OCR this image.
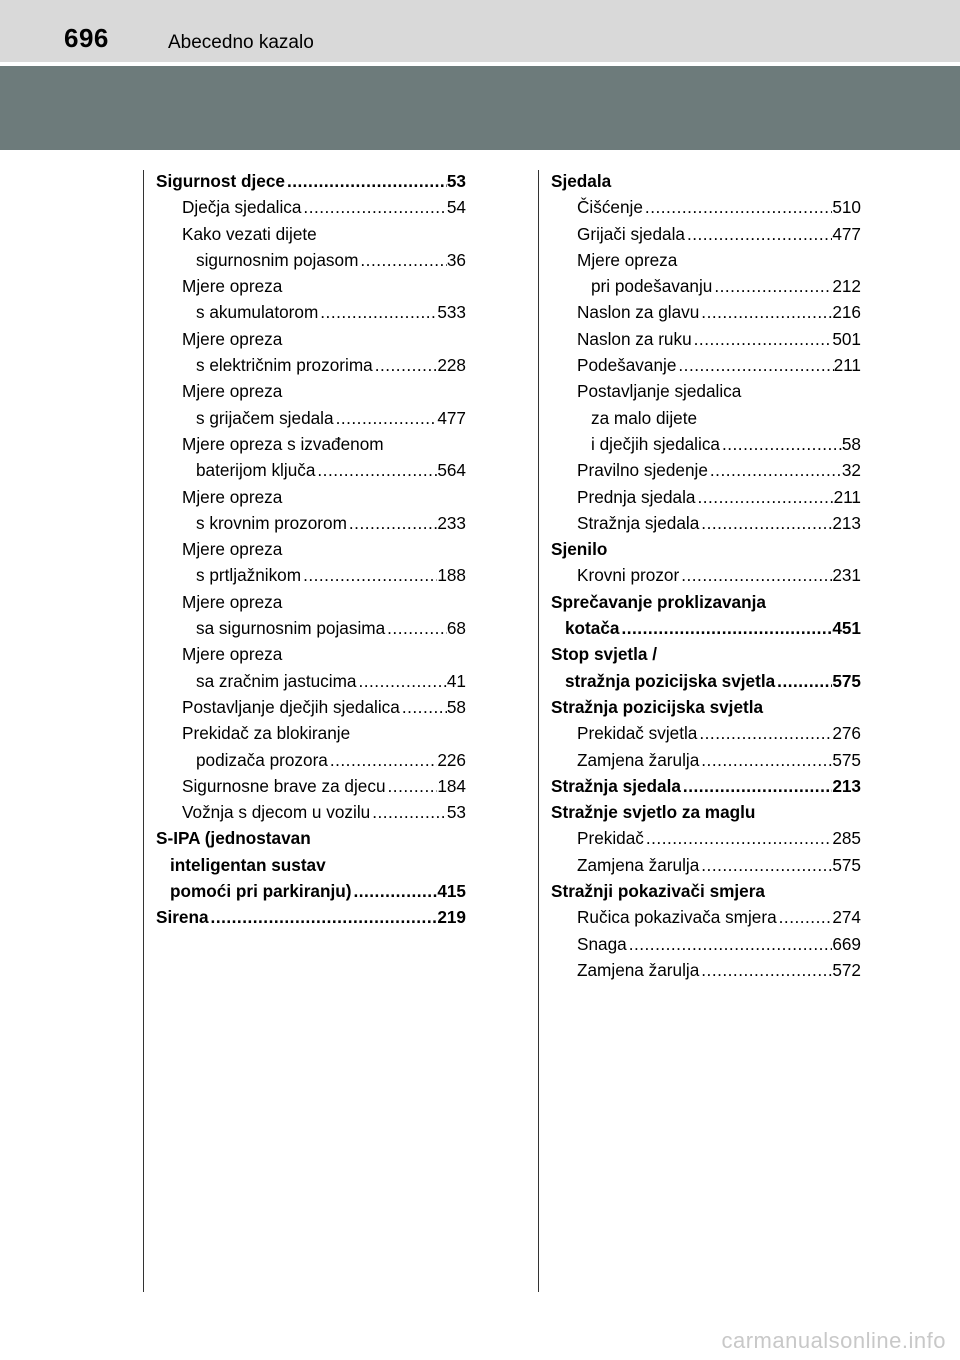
696	Abecedno kazalo
Sigurnost djece .....	53
Dječja sjedalica .....	54
Kako vezati dijete
sigurnosnim pojasom .....	36
Mjere opreza
s akumulatorom .....	533
Mjere opreza
s električnim prozorima .....	228
Mjere opreza
s grijačem sjedala .....	477
Mjere opreza s izvađenom
baterijom ključa .....	564
Mjere opreza
s krovnim prozorom .....	233
Mjere opreza
s prtljažnikom .....	188
Mjere opreza
sa sigurnosnim pojasima .....	68
Mjere opreza
sa zračnim jastucima .....	41
Postavljanje dječjih sjedalica .....	58
Prekidač za blokiranje
podizača prozora .....	226
Sigurnosne brave za djecu .....	184
Vožnja s djecom u vozilu .....	53
S-IPA (jednostavan
inteligentan sustav
pomoći pri parkiranju) .....	415
Sirena .....	219
Sjedala
Čišćenje .....	510
Grijači sjedala .....	477
Mjere opreza
pri podešavanju .....	212
Naslon za glavu .....	216
Naslon za ruku .....	501
Podešavanje .....	211
Postavljanje sjedalica
za malo dijete
i dječjih sjedalica .....	58
Pravilno sjedenje .....	32
Prednja sjedala .....	211
Stražnja sjedala .....	213
Sjenilo
Krovni prozor .....	231
Sprečavanje proklizavanja
kotača .....	451
Stop svjetla /
stražnja pozicijska svjetla .....	575
Stražnja pozicijska svjetla
Prekidač svjetla .....	276
Zamjena žarulja .....	575
Stražnja sjedala .....	213
Stražnje svjetlo za maglu
Prekidač .....	285
Zamjena žarulja .....	575
Stražnji pokazivači smjera
Ručica pokazivača smjera .....	274
Snaga .....	669
Zamjena žarulja .....	572
carmanualsonline.info
